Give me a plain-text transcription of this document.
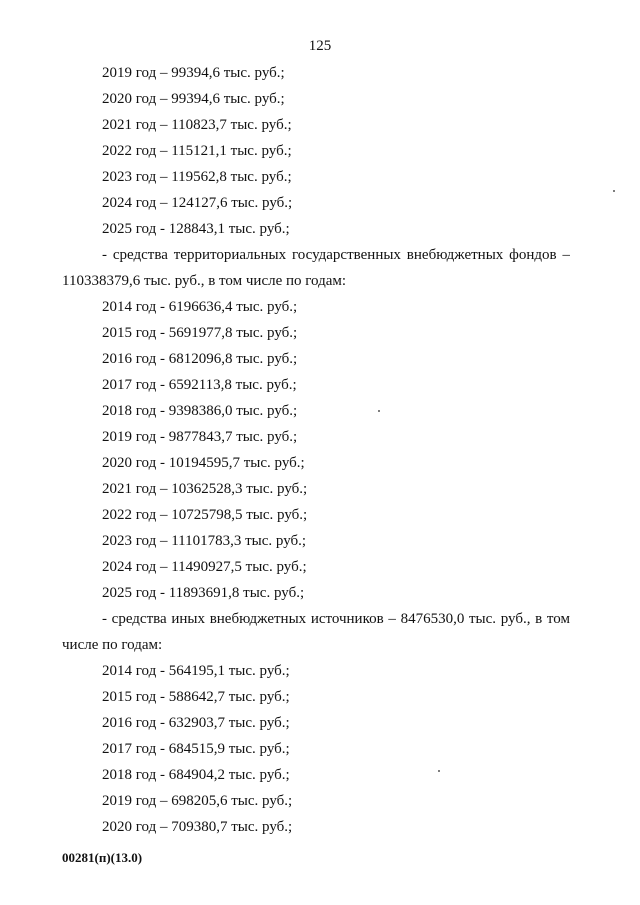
125
2019 год – 99394,6 тыс. руб.;
2020 год – 99394,6 тыс. руб.;
2021 год – 110823,7 тыс. руб.;
2022 год – 115121,1 тыс. руб.;
2023 год – 119562,8 тыс. руб.;
2024 год – 124127,6 тыс. руб.;
2025 год - 128843,1 тыс. руб.;
- средства территориальных государственных внебюджетных фондов –
110338379,6 тыс. руб., в том числе по годам:
2014 год - 6196636,4 тыс. руб.;
2015 год - 5691977,8 тыс. руб.;
2016 год - 6812096,8 тыс. руб.;
2017 год - 6592113,8 тыс. руб.;
2018 год - 9398386,0 тыс. руб.;
2019 год - 9877843,7 тыс. руб.;
2020 год - 10194595,7 тыс. руб.;
2021 год – 10362528,3 тыс. руб.;
2022 год – 10725798,5 тыс. руб.;
2023 год – 11101783,3 тыс. руб.;
2024 год – 11490927,5 тыс. руб.;
2025 год - 11893691,8 тыс. руб.;
- средства иных внебюджетных источников – 8476530,0 тыс. руб., в том
числе по годам:
2014 год - 564195,1 тыс. руб.;
2015 год - 588642,7 тыс. руб.;
2016 год - 632903,7 тыс. руб.;
2017 год - 684515,9 тыс. руб.;
2018 год - 684904,2 тыс. руб.;
2019 год – 698205,6 тыс. руб.;
2020 год – 709380,7 тыс. руб.;
00281(п)(13.0)
